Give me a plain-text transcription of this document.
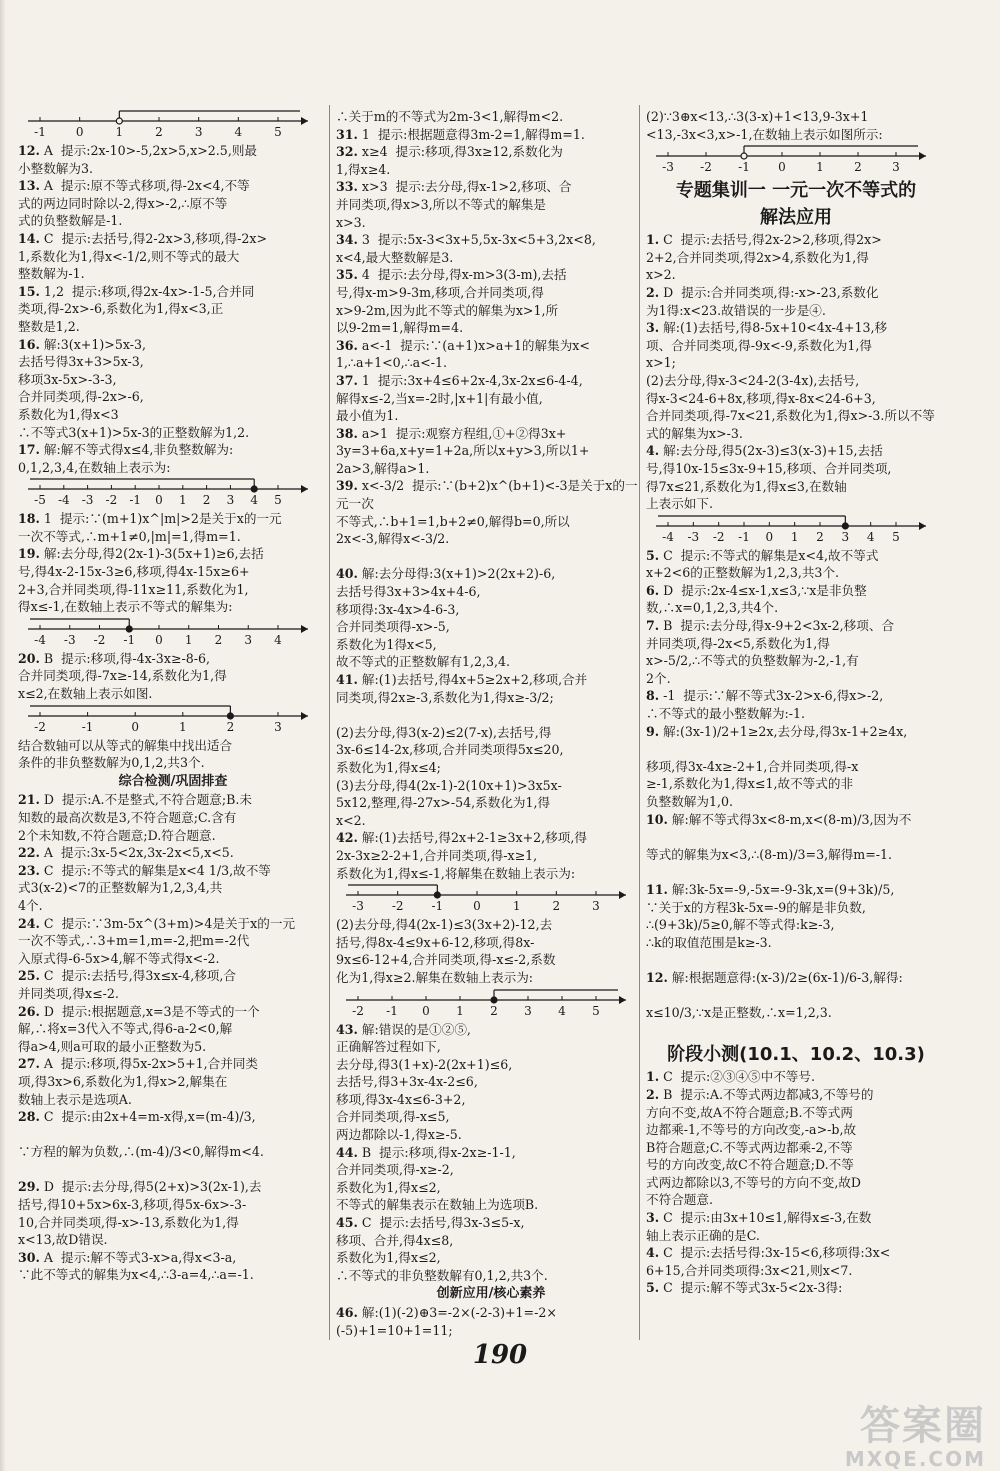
-1 0	1	2	3	4	5
12. A  提示:2x-10>-5,2x>5,x>2.5,则最
小整数解为3.
13. A  提示:原不等式移项,得-2x<4,不等
式的两边同时除以-2,得x>-2,∴原不等
式的负整数解是-1.
14. C  提示:去括号,得2-2x>3,移项,得-2x>
1,系数化为1,得x<-1/2,则不等式的最大
整数解为-1.
15. 1,2  提示:移项,得2x-4x>-1-5,合并同
类项,得-2x>-6,系数化为1,得x<3,正
整数是1,2.
16. 解:3(x+1)>5x-3,
去括号得3x+3>5x-3,
移项3x-5x>-3-3,
合并同类项,得-2x>-6,
系数化为1,得x<3
∴不等式3(x+1)>5x-3的正整数解为1,2.
17. 解:解不等式得x≤4,非负整数解为:
0,1,2,3,4,在数轴上表示为:
-5 -4 -3 -2 -1 0 1 2 3 4 5
18. 1  提示:∵(m+1)x^|m|>2是关于x的一元
一次不等式,∴m+1≠0,|m|=1,得m=1.
19. 解:去分母,得2(2x-1)-3(5x+1)≥6,去括
号,得4x-2-15x-3≥6,移项,得4x-15x≥6+
2+3,合并同类项,得-11x≥11,系数化为1,
得x≤-1,在数轴上表示不等式的解集为:
-4 -3 -2 -1 0 1 2 3 4
20. B  提示:移项,得-4x-3x≥-8-6,
合并同类项,得-7x≥-14,系数化为1,得
x≤2,在数轴上表示如图.
-2	-1	0	1	2	3
结合数轴可以从等式的解集中找出适合
条件的非负整数解为0,1,2,共3个.
综合检测/巩固排查
21. D  提示:A.不是整式,不符合题意;B.未
知数的最高次数是3,不符合题意;C.含有
2个未知数,不符合题意;D.符合题意.
22. A  提示:3x-5<2x,3x-2x<5,x<5.
23. C  提示:不等式的解集是x<4 1/3,故不等
式3(x-2)<7的正整数解为1,2,3,4,共
4个.
24. C  提示:∵3m-5x^(3+m)>4是关于x的一元
一次不等式,∴3+m=1,m=-2,把m=-2代
入原式得-6-5x>4,解不等式得x<-2.
25. C  提示:去括号,得3x≤x-4,移项,合
并同类项,得x≤-2.
26. D  提示:根据题意,x=3是不等式的一个
解,∴将x=3代入不等式,得6-a-2<0,解
得a>4,则a可取的最小正整数为5.
27. A  提示:移项,得5x-2x>5+1,合并同类
项,得3x>6,系数化为1,得x>2,解集在
数轴上表示是选项A.
28. C  提示:由2x+4=m-x得,x=(m-4)/3,
∵方程的解为负数,∴(m-4)/3<0,解得m<4.
29. D  提示:去分母,得5(2+x)>3(2x-1),去
括号,得10+5x>6x-3,移项,得5x-6x>-3-
10,合并同类项,得-x>-13,系数化为1,得
x<13,故D错误.
30. A  提示:解不等式3-x>a,得x<3-a,
∵此不等式的解集为x<4,∴3-a=4,∴a=-1.
∴关于m的不等式为2m-3<1,解得m<2.
31. 1  提示:根据题意得3m-2=1,解得m=1.
32. x≥4  提示:移项,得3x≥12,系数化为
1,得x≥4.
33. x>3  提示:去分母,得x-1>2,移项、合
并同类项,得x>3,所以不等式的解集是
x>3.
34. 3  提示:5x-3<3x+5,5x-3x<5+3,2x<8,
x<4,最大整数解是3.
35. 4  提示:去分母,得x-m>3(3-m),去括
号,得x-m>9-3m,移项,合并同类项,得
x>9-2m,因为此不等式的解集为x>1,所
以9-2m=1,解得m=4.
36. a<-1  提示:∵(a+1)x>a+1的解集为x<
1,∴a+1<0,∴a<-1.
37. 1  提示:3x+4≤6+2x-4,3x-2x≤6-4-4,
解得x≤-2,当x=-2时,|x+1|有最小值,
最小值为1.
38. a>1  提示:观察方程组,①+②得3x+
3y=3+6a,x+y=1+2a,所以x+y>3,所以1+
2a>3,解得a>1.
39. x<-3/2  提示:∵(b+2)x^(b+1)<-3是关于x的一元一次
不等式,∴b+1=1,b+2≠0,解得b=0,所以
2x<-3,解得x<-3/2.
40. 解:去分母得:3(x+1)>2(2x+2)-6,
去括号得3x+3>4x+4-6,
移项得:3x-4x>4-6-3,
合并同类项得-x>-5,
系数化为1得x<5,
故不等式的正整数解有1,2,3,4.
41. 解:(1)去括号,得4x+5≥2x+2,移项,合并
同类项,得2x≥-3,系数化为1,得x≥-3/2;
(2)去分母,得3(x-2)≤2(7-x),去括号,得
3x-6≤14-2x,移项,合并同类项得5x≤20,
系数化为1,得x≤4;
(3)去分母,得4(2x-1)-2(10x+1)>3x5x-
5x12,整理,得-27x>-54,系数化为1,得
x<2.
42. 解:(1)去括号,得2x+2-1≥3x+2,移项,得
2x-3x≥2-2+1,合并同类项,得-x≥1,
系数化为1,得x≤-1,将解集在数轴上表示为:
-3 -2 -1 0	1	2	3
(2)去分母,得4(2x-1)≤3(3x+2)-12,去
括号,得8x-4≤9x+6-12,移项,得8x-
9x≤6-12+4,合并同类项,得-x≤-2,系数
化为1,得x≥2.解集在数轴上表示为:
-2 -1 0 1 2 3 4 5
43. 解:错误的是①②⑤,
正确解答过程如下,
去分母,得3(1+x)-2(2x+1)≤6,
去括号,得3+3x-4x-2≤6,
移项,得3x-4x≤6-3+2,
合并同类项,得-x≤5,
两边都除以-1,得x≥-5.
44. B  提示:移项,得x-2x≥-1-1,
合并同类项,得-x≥-2,
系数化为1,得x≤2,
不等式的解集表示在数轴上为选项B.
45. C  提示:去括号,得3x-3≤5-x,
移项、合并,得4x≤8,
系数化为1,得x≤2,
∴不等式的非负整数解有0,1,2,共3个.
创新应用/核心素养
46. 解:(1)(-2)⊕3=-2×(-2-3)+1=-2×
(-5)+1=10+1=11;
(2)∵3⊕x<13,∴3(3-x)+1<13,9-3x+1
<13,-3x<3,x>-1,在数轴上表示如图所示:
-3 -2 -1 0	1	2	3
专题集训一 一元一次不等式的
解法应用
1. C  提示:去括号,得2x-2>2,移项,得2x>
2+2,合并同类项,得2x>4,系数化为1,得
x>2.
2. D  提示:合并同类项,得:-x>-23,系数化
为1得:x<23.故错误的一步是④.
3. 解:(1)去括号,得8-5x+10<4x-4+13,移
项、合并同类项,得-9x<-9,系数化为1,得
x>1;
(2)去分母,得x-3<24-2(3-4x),去括号,
得x-3<24-6+8x,移项,得x-8x<24-6+3,
合并同类项,得-7x<21,系数化为1,得x>-3.所以不等
式的解集为x>-3.
4. 解:去分母,得5(2x-3)≤3(x-3)+15,去括
号,得10x-15≤3x-9+15,移项、合并同类项,
得7x≤21,系数化为1,得x≤3,在数轴
上表示如下.
-4 -3 -2 -1 0 1 2 3 4 5
5. C  提示:不等式的解集是x<4,故不等式
x+2<6的正整数解为1,2,3,共3个.
6. D  提示:2x-4≤x-1,x≤3,∵x是非负整
数,∴x=0,1,2,3,共4个.
7. B  提示:去分母,得x-9+2<3x-2,移项、合
并同类项,得-2x<5,系数化为1,得
x>-5/2,∴不等式的负整数解为-2,-1,有
2个.
8. -1  提示:∵解不等式3x-2>x-6,得x>-2,
∴不等式的最小整数解为:-1.
9. 解:(3x-1)/2+1≥2x,去分母,得3x-1+2≥4x,
移项,得3x-4x≥-2+1,合并同类项,得-x
≥-1,系数化为1,得x≤1,故不等式的非
负整数解为1,0.
10. 解:解不等式得3x<8-m,x<(8-m)/3,因为不
等式的解集为x<3,∴(8-m)/3=3,解得m=-1.
11. 解:3k-5x=-9,-5x=-9-3k,x=(9+3k)/5,
∵关于x的方程3k-5x=-9的解是非负数,
∴(9+3k)/5≥0,解不等式得:k≥-3,
∴k的取值范围是k≥-3.
12. 解:根据题意得:(x-3)/2≥(6x-1)/6-3,解得:
x≤10/3,∵x是正整数,∴x=1,2,3.
阶段小测(10.1、10.2、10.3)
1. C  提示:②③④⑤中不等号.
2. B  提示:A.不等式两边都减3,不等号的
方向不变,故A不符合题意;B.不等式两
边都乘-1,不等号的方向改变,-a>-b,故
B符合题意;C.不等式两边都乘-2,不等
号的方向改变,故C不符合题意;D.不等
式两边都除以3,不等号的方向不变,故D
不符合题意.
3. C  提示:由3x+10≤1,解得x≤-3,在数
轴上表示正确的是C.
4. C  提示:去括号得:3x-15<6,移项得:3x<
6+15,合并同类项得:3x<21,则x<7.
5. C  提示:解不等式3x-5<2x-3得:
190
答案圈
MXQE.COM
